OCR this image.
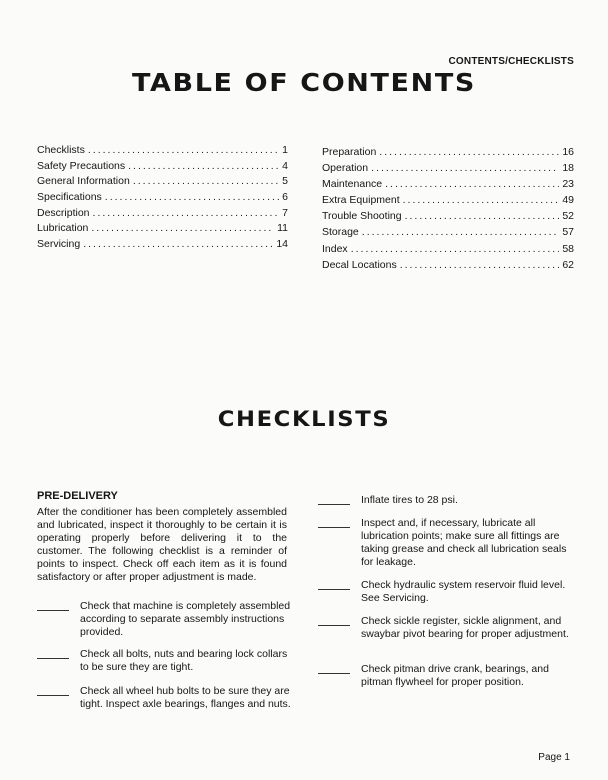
CONTENTS/CHECKLISTS
TABLE OF CONTENTS
Checklists .....	1
Safety Precautions .....	4
General Information .....	5
Specifications .....	6
Description .....	7
Lubrication .....	11
Servicing .....	14
Preparation .....	16
Operation .....	18
Maintenance .....	23
Extra Equipment .....	49
Trouble Shooting .....	52
Storage .....	57
Index .....	58
Decal Locations .....	62
CHECKLISTS
PRE-DELIVERY
After the conditioner has been completely assembled and lubricated, inspect it thoroughly to be certain it is operating properly before delivering it to the customer. The following checklist is a reminder of points to inspect. Check off each item as it is found satisfactory or after proper adjustment is made.
Check that machine is completely assembled according to separate assembly instructions provided.
Check all bolts, nuts and bearing lock collars to be sure they are tight.
Check all wheel hub bolts to be sure they are tight. Inspect axle bearings, flanges and nuts.
Inflate tires to 28 psi.
Inspect and, if necessary, lubricate all lubrication points; make sure all fittings are taking grease and check all lubrication seals for leakage.
Check hydraulic system reservoir fluid level. See Servicing.
Check sickle register, sickle alignment, and swaybar pivot bearing for proper adjustment.
Check pitman drive crank, bearings, and pitman flywheel for proper position.
Page 1
